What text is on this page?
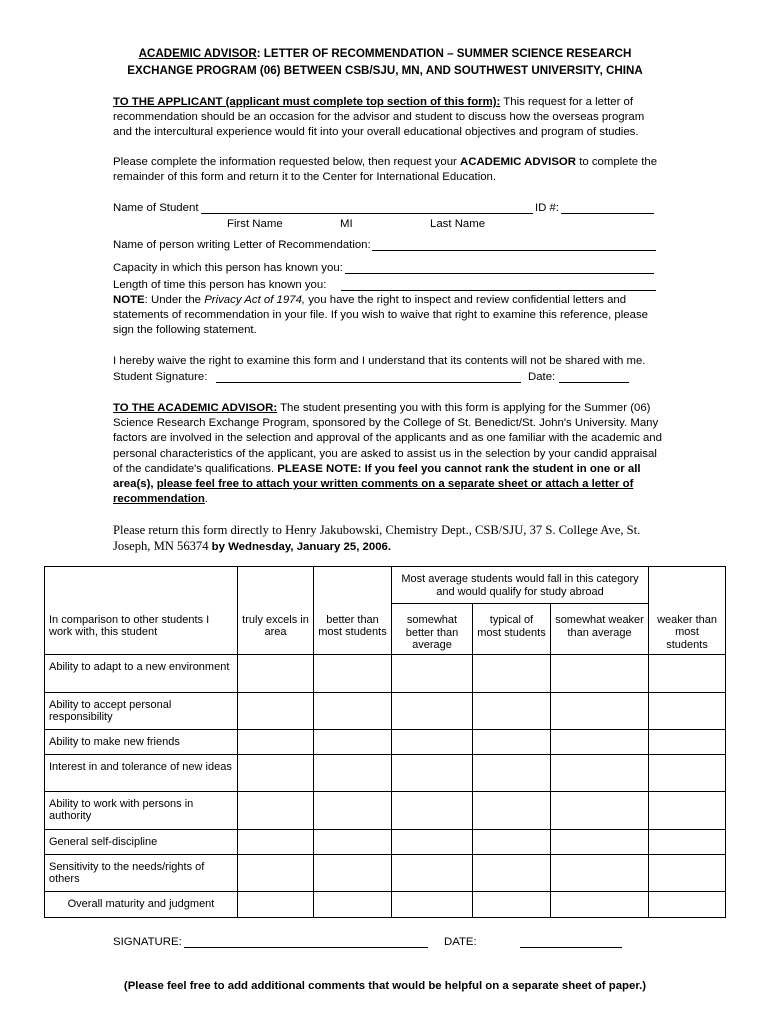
ACADEMIC ADVISOR: LETTER OF RECOMMENDATION – SUMMER SCIENCE RESEARCH
EXCHANGE PROGRAM (06) BETWEEN CSB/SJU, MN, AND SOUTHWEST UNIVERSITY, CHINA
TO THE APPLICANT (applicant must complete top section of this form): This request for a letter of recommendation should be an occasion for the advisor and student to discuss how the overseas program and the intercultural experience would fit into your overall educational objectives and program of studies.
Please complete the information requested below, then request your ACADEMIC ADVISOR to complete the remainder of this form and return it to the Center for International Education.
Name of Student	ID #:
First Name	MI	Last Name
Name of person writing Letter of Recommendation:
Capacity in which this person has known you:
Length of time this person has known you:
NOTE: Under the Privacy Act of 1974, you have the right to inspect and review confidential letters and statements of recommendation in your file. If you wish to waive that right to examine this reference, please sign the following statement.
I hereby waive the right to examine this form and I understand that its contents will not be shared with me.
Student Signature:	Date:
TO THE ACADEMIC ADVISOR: The student presenting you with this form is applying for the Summer (06) Science Research Exchange Program, sponsored by the College of St. Benedict/St. John's University. Many factors are involved in the selection and approval of the applicants and as one familiar with the academic and personal characteristics of the applicant, you are asked to assist us in the selection by your candid appraisal of the candidate's qualifications. PLEASE NOTE: If you feel you cannot rank the student in one or all area(s), please feel free to attach your written comments on a separate sheet or attach a letter of recommendation.
Please return this form directly to Henry Jakubowski, Chemistry Dept., CSB/SJU, 37 S. College Ave, St. Joseph, MN 56374 by Wednesday, January 25, 2006.
			Most average students would fall in this category and would qualify for study abroad			
In comparison to other students I work with, this student	truly excels in area	better than most students	somewhat better than average	typical of most students	somewhat weaker than average	weaker than most students
Ability to adapt to a new environment						
Ability to accept personal responsibility						
Ability to make new friends						
Interest in and tolerance of new ideas						
Ability to work with persons in authority						
General self-discipline						
Sensitivity to the needs/rights of others						
Overall maturity and judgment						
SIGNATURE:	DATE:
(Please feel free to add additional comments that would be helpful on a separate sheet of paper.)
